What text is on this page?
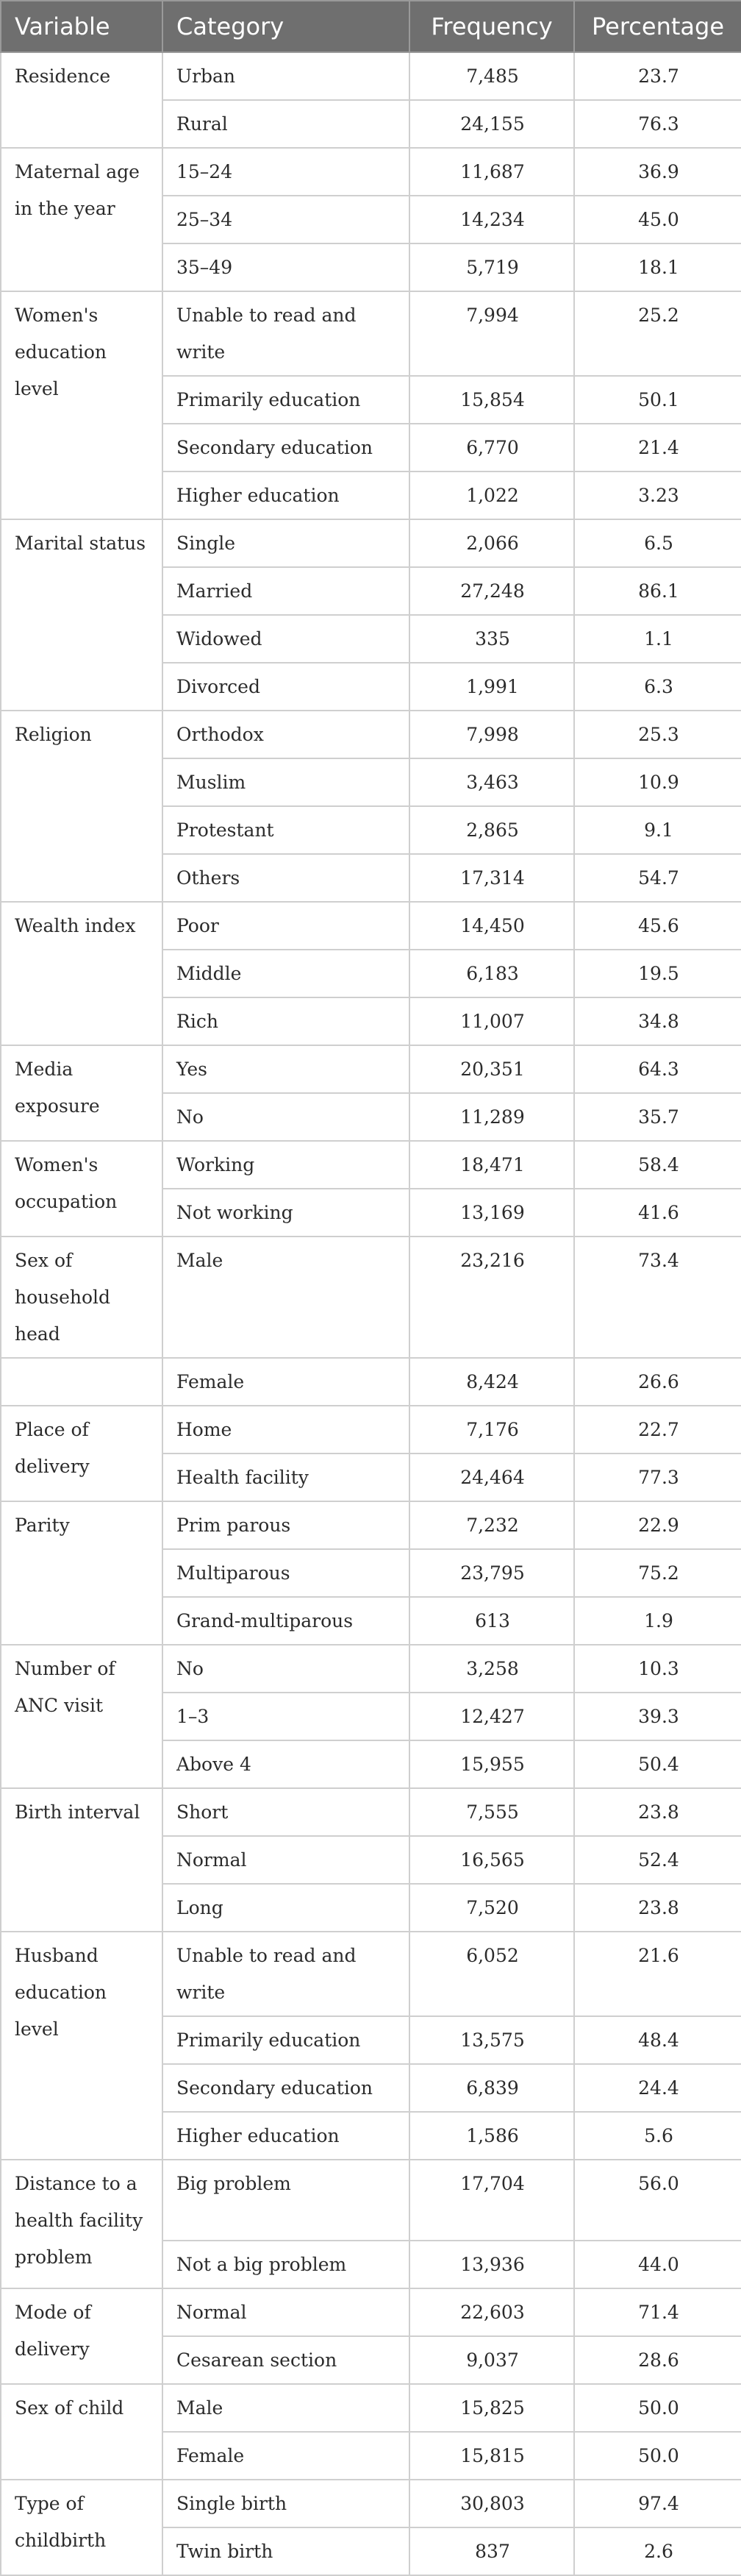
Variable	Category	Frequency	Percentage
Residence	Urban	7,485	23.7
	Rural	24,155	76.3
Maternal age in the year	15–24	11,687	36.9
	25–34	14,234	45.0
	35–49	5,719	18.1
Women's education level	Unable to read and write	7,994	25.2
	Primarily education	15,854	50.1
	Secondary education	6,770	21.4
	Higher education	1,022	3.23
Marital status	Single	2,066	6.5
	Married	27,248	86.1
	Widowed	335	1.1
	Divorced	1,991	6.3
Religion	Orthodox	7,998	25.3
	Muslim	3,463	10.9
	Protestant	2,865	9.1
	Others	17,314	54.7
Wealth index	Poor	14,450	45.6
	Middle	6,183	19.5
	Rich	11,007	34.8
Media exposure	Yes	20,351	64.3
	No	11,289	35.7
Women's occupation	Working	18,471	58.4
	Not working	13,169	41.6
Sex of household head	Male	23,216	73.4
	Female	8,424	26.6
Place of delivery	Home	7,176	22.7
	Health facility	24,464	77.3
Parity	Prim parous	7,232	22.9
	Multiparous	23,795	75.2
	Grand-multiparous	613	1.9
Number of ANC visit	No	3,258	10.3
	1–3	12,427	39.3
	Above 4	15,955	50.4
Birth interval	Short	7,555	23.8
	Normal	16,565	52.4
	Long	7,520	23.8
Husband education level	Unable to read and write	6,052	21.6
	Primarily education	13,575	48.4
	Secondary education	6,839	24.4
	Higher education	1,586	5.6
Distance to a health facility problem	Big problem	17,704	56.0
	Not a big problem	13,936	44.0
Mode of delivery	Normal	22,603	71.4
	Cesarean section	9,037	28.6
Sex of child	Male	15,825	50.0
	Female	15,815	50.0
Type of childbirth	Single birth	30,803	97.4
	Twin birth	837	2.6
